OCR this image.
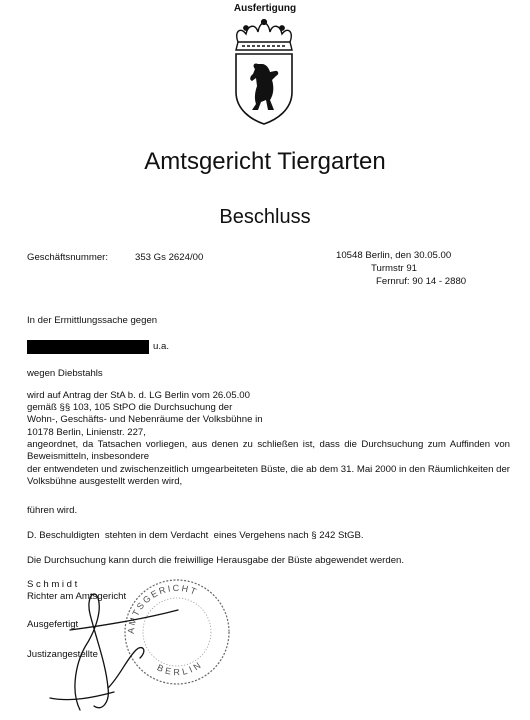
Ausfertigung
Amtsgericht Tiergarten
Beschluss
Geschäftsnummer:	353 Gs 2624/00	10548 Berlin, den 30.05.00
Turmstr 91
Fernruf: 90 14 - 2880
In der Ermittlungssache gegen
u.a.
wegen Diebstahls
wird auf Antrag der StA b. d. LG Berlin vom 26.05.00
gemäß §§ 103, 105 StPO die Durchsuchung der
Wohn-, Geschäfts- und Nebenräume der Volksbühne in
10178 Berlin, Linienstr. 227,
angeordnet, da Tatsachen vorliegen, aus denen zu schließen ist, dass die Durchsuchung zum Auffinden von Beweismitteln, insbesondere
der entwendeten und zwischenzeitlich umgearbeiteten Büste, die ab dem 31. Mai 2000 in den Räumlichkeiten der Volksbühne ausgestellt werden wird,
führen wird.
D. Beschuldigten  stehten in dem Verdacht  eines Vergehens nach § 242 StGB.
Die Durchsuchung kann durch die freiwillige Herausgabe der Büste abgewendet werden.
AMTSGERICHT
BERLIN
Schmidt
Richter am Amtsgericht
Ausgefertigt
Justizangestellte
